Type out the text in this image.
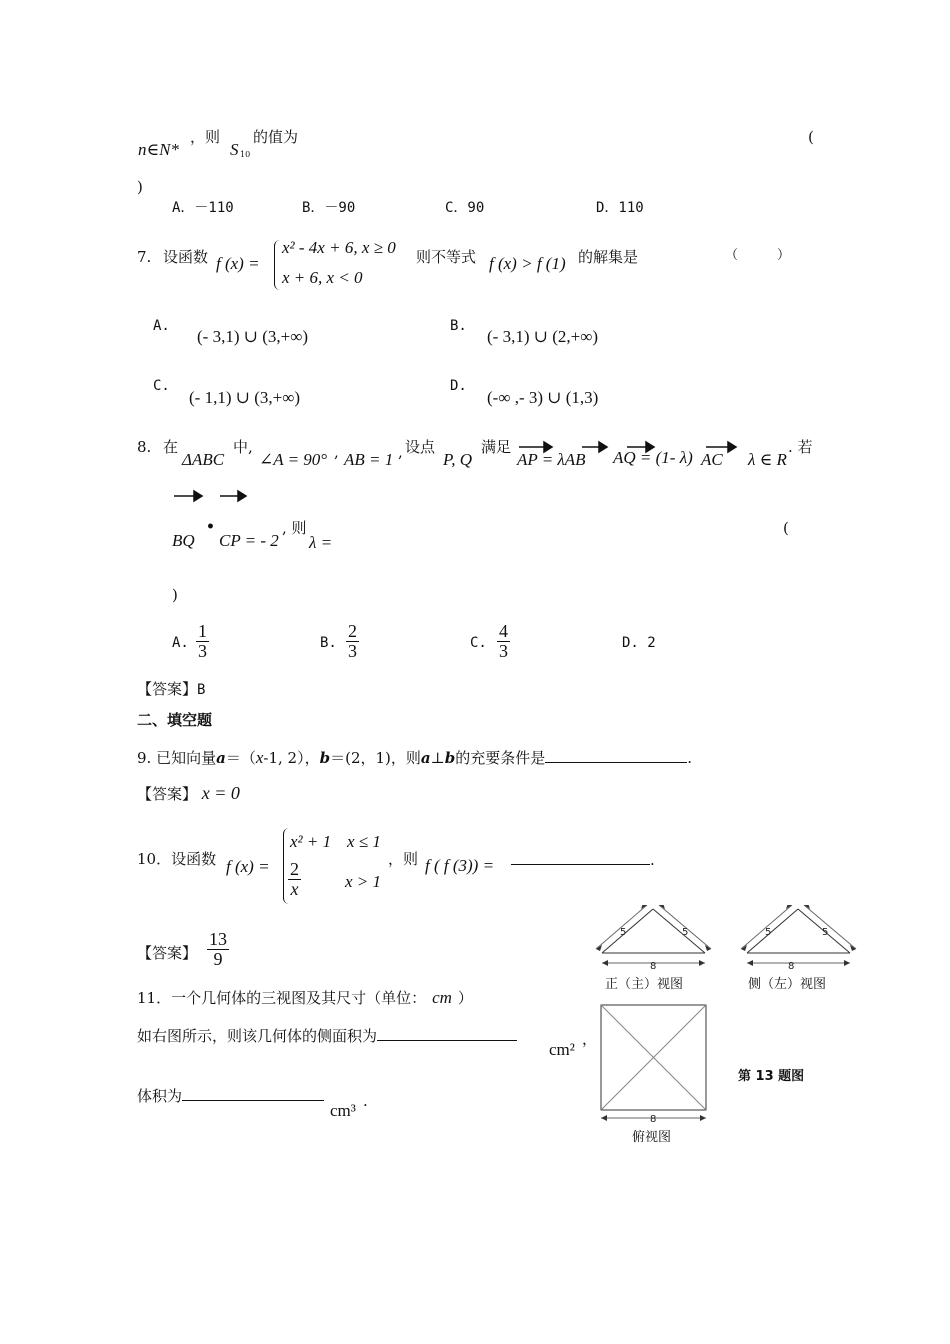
n∈N*
，则
S 10
的值为	(
)
A．－110	B．－90	C．90	D．110
7. 设函数 f (x) =
x² - 4x + 6, x ≥ 0
x + 6, x < 0
则不等式 f (x) > f (1) 的解集是	（　　　）
A.
(- 3,1) ∪ (3,+∞)
B.
(- 3,1) ∪ (2,+∞)
C.
(- 1,1) ∪ (3,+∞)
D.
(-∞ ,- 3) ∪ (1,3)
8. 在
ΔABC
中,
∠A = 90° , AB = 1 , 设点
P, Q
满足
AP = λAB AQ = (1- λ) AC λ ∈ R
. 若
BQ
•
CP = - 2
, 则
λ =
(
)
A. $\frac{1}{3}$	B. $\frac{2}{3}$	C. $\frac{4}{3}$	D. 2
【答案】B
二、填空题
9. 已知向量a＝（x-1, 2），b＝(2，1)，则a⊥b的充要条件是	.
【答案】 x = 0
10．设函数 f (x) =
x² + 1 x ≤ 1
$\frac{2}{x}$	x > 1
，则 f ( f (3)) =	.
【答案】 $\frac{13}{9}$
11．一个几何体的三视图及其尺寸（单位： cm ）
如右图所示，则该几何体的侧面积为
cm²
，
体积为
cm³ .
5	5
8
5	5
8
8
正（主）视图	侧（左）视图
第 13 题图
俯视图
